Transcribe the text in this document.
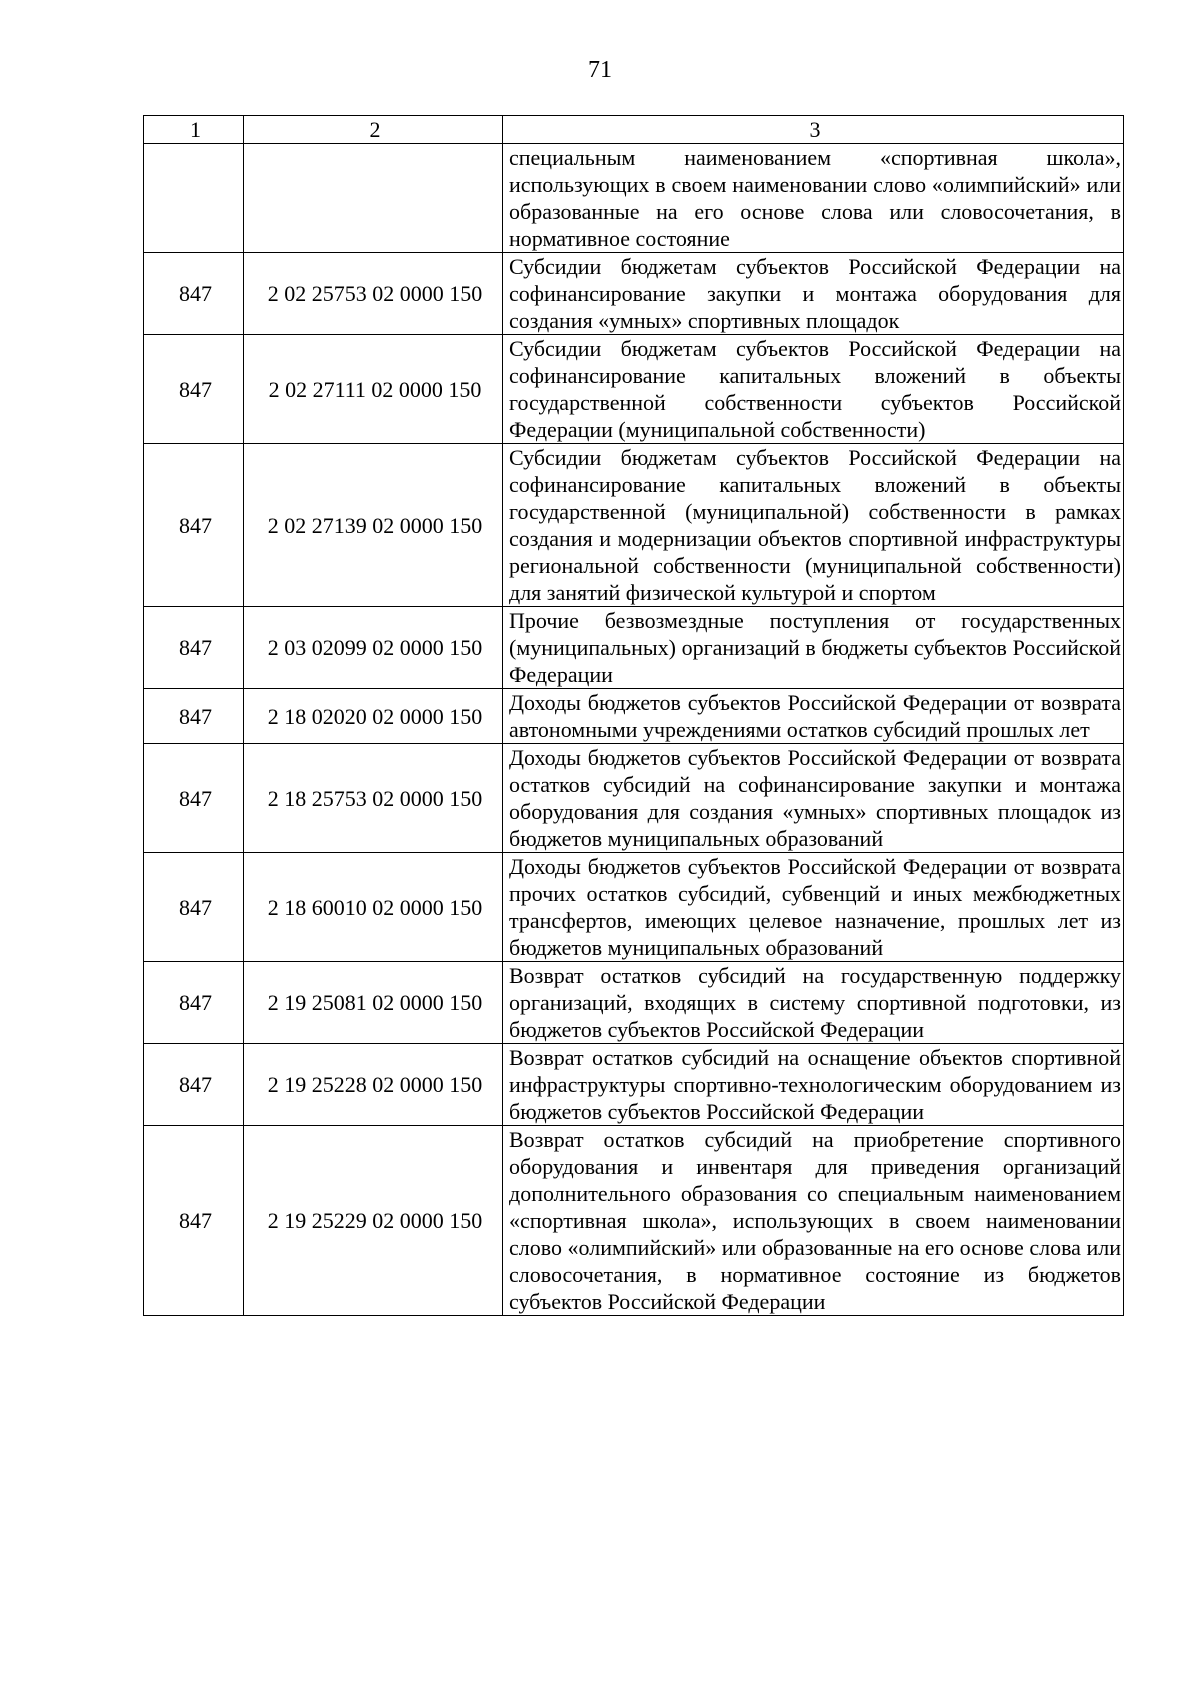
71
1	2	3
		специальным наименованием «спортивная школа», использующих в своем наименовании слово «олимпийский» или образованные на его основе слова или словосочетания, в нормативное состояние
847	2 02 25753 02 0000 150	Субсидии бюджетам субъектов Российской Федерации на софинансирование закупки и монтажа оборудования для создания «умных» спортивных площадок
847	2 02 27111 02 0000 150	Субсидии бюджетам субъектов Российской Федерации на софинансирование капитальных вложений в объекты государственной собственности субъектов Российской Федерации (муниципальной собственности)
847	2 02 27139 02 0000 150	Субсидии бюджетам субъектов Российской Федерации на софинансирование капитальных вложений в объекты государственной (муниципальной) собственности в рамках создания и модернизации объектов спортивной инфраструктуры региональной собственности (муниципальной собственности) для занятий физической культурой и спортом
847	2 03 02099 02 0000 150	Прочие безвозмездные поступления от государственных (муниципальных) организаций в бюджеты субъектов Российской Федерации
847	2 18 02020 02 0000 150	Доходы бюджетов субъектов Российской Федерации от возврата автономными учреждениями остатков субсидий прошлых лет
847	2 18 25753 02 0000 150	Доходы бюджетов субъектов Российской Федерации от возврата остатков субсидий на софинансирование закупки и монтажа оборудования для создания «умных» спортивных площадок из бюджетов муниципальных образований
847	2 18 60010 02 0000 150	Доходы бюджетов субъектов Российской Федерации от возврата прочих остатков субсидий, субвенций и иных межбюджетных трансфертов, имеющих целевое назначение, прошлых лет из бюджетов муниципальных образований
847	2 19 25081 02 0000 150	Возврат остатков субсидий на государственную поддержку организаций, входящих в систему спортивной подготовки, из бюджетов субъектов Российской Федерации
847	2 19 25228 02 0000 150	Возврат остатков субсидий на оснащение объектов спортивной инфраструктуры спортивно-технологическим оборудованием из бюджетов субъектов Российской Федерации
847	2 19 25229 02 0000 150	Возврат остатков субсидий на приобретение спортивного оборудования и инвентаря для приведения организаций дополнительного образования со специальным наименованием «спортивная школа», использующих в своем наименовании слово «олимпийский» или образованные на его основе слова или словосочетания, в нормативное состояние из бюджетов субъектов Российской Федерации
